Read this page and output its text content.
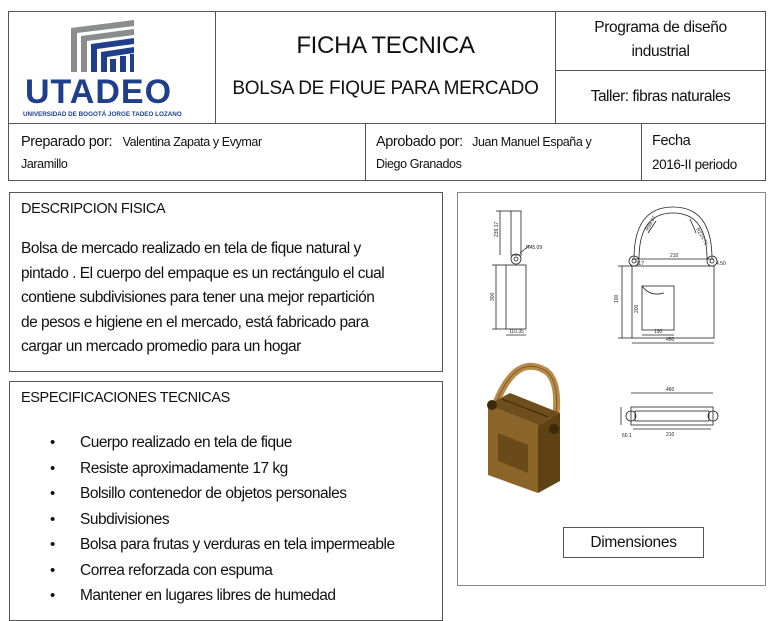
UTADEO
UNIVERSIDAD DE BOGOTÁ JORGE TADEO LOZANO
FICHA TECNICA
BOLSA DE FIQUE PARA MERCADO
Programa de diseño
industrial
Taller: fibras naturales
Preparado por: Valentina Zapata y Evymar
Jaramillo
Aprobado por: Juan Manuel España y
Diego Granados
Fecha
2016-II periodo
DESCRIPCION FISICA
Bolsa de mercado realizado en tela de fique natural y
pintado . El cuerpo del empaque es un rectángulo el cual
contiene subdivisiones para tener una mejor repartición
de pesos e higiene en el mercado, está fabricado para
cargar un mercado promedio para un hogar
ESPECIFICACIONES TECNICAS
• Cuerpo realizado en tela de fique
• Resiste aproximadamente 17 kg
• Bolsillo contenedor de objetos personales
• Subdivisiones
• Bolsa para frutas y verduras en tela impermeable
• Correa reforzada con espuma
• Mantener en lugares libres de humedad
239.17
R45.09
300
110.35
R89.67
R214.71
210
117
200
4.50
100
190
450
460
60.1	210
Dimensiones
